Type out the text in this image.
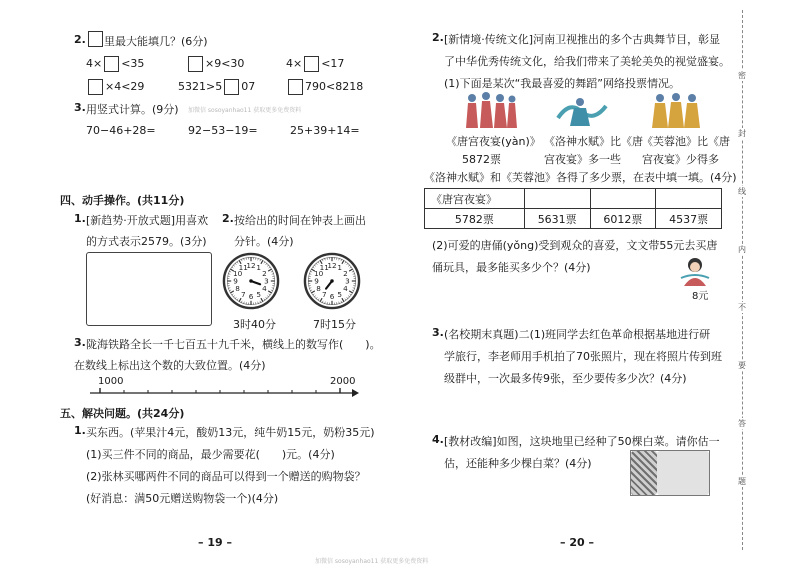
2. 里最大能填几？(6分)
4× <35	×9<30	4× <17
×4<29	5321>5 07	790<8218
3. 用竖式计算。(9分) 加微信 sosoyanhao11 获取更多免费资料
70−46+28=	92−53−19=	25+39+14=
四、动手操作。(共11分)
1. [新趋势·开放式题]用喜欢
的方式表示2579。(3分)
2. 按给出的时间在钟表上画出
分针。(4分)
1
2
3
4
5
6
7
8
9
10
11
12	1
2
3
4
5
6
7
8
9
10
11
12
3时40分	7时15分
3. 陇海铁路全长一千七百五十九千米，横线上的数写作(　　)。
在数线上标出这个数的大致位置。(4分)
1000	2000
五、解决问题。(共24分)
1. 买东西。(苹果汁4元，酸奶13元，纯牛奶15元，奶粉35元)
(1)买三件不同的商品，最少需要花(　　)元。(4分)
(2)张林买哪两件不同的商品可以得到一个赠送的购物袋？
(好消息：满50元赠送购物袋一个)(4分)
– 19 –
2. [新情境·传统文化]河南卫视推出的多个古典舞节目，彰显
了中华优秀传统文化，给我们带来了美轮美奂的视觉盛宴。
(1)下面是某次“我最喜爱的舞蹈”网络投票情况。
《唐宫夜宴(yàn)》
5872票
《洛神水赋》比《唐
宫夜宴》多一些
《芙蓉池》比《唐
宫夜宴》少得多
《洛神水赋》和《芙蓉池》各得了多少票，在表中填一填。(4分)
《唐宫夜宴》			
5782票	5631票	6012票	4537票
(2)可爱的唐俑(yǒng)受到观众的喜爱，文文带55元去买唐
俑玩具，最多能买多少个？(4分)
8元
3. (名校期末真题)二(1)班同学去红色革命根据基地进行研
学旅行，李老师用手机拍了70张照片，现在将照片传到班
级群中，一次最多传9张，至少要传多少次？(4分)
4. [教材改编]如图，这块地里已经种了50棵白菜。请你估一
估，还能种多少棵白菜？(4分)
– 20 –
密
封
线
内
不
要
答
题
加微信 sosoyanhao11 获取更多免费资料
